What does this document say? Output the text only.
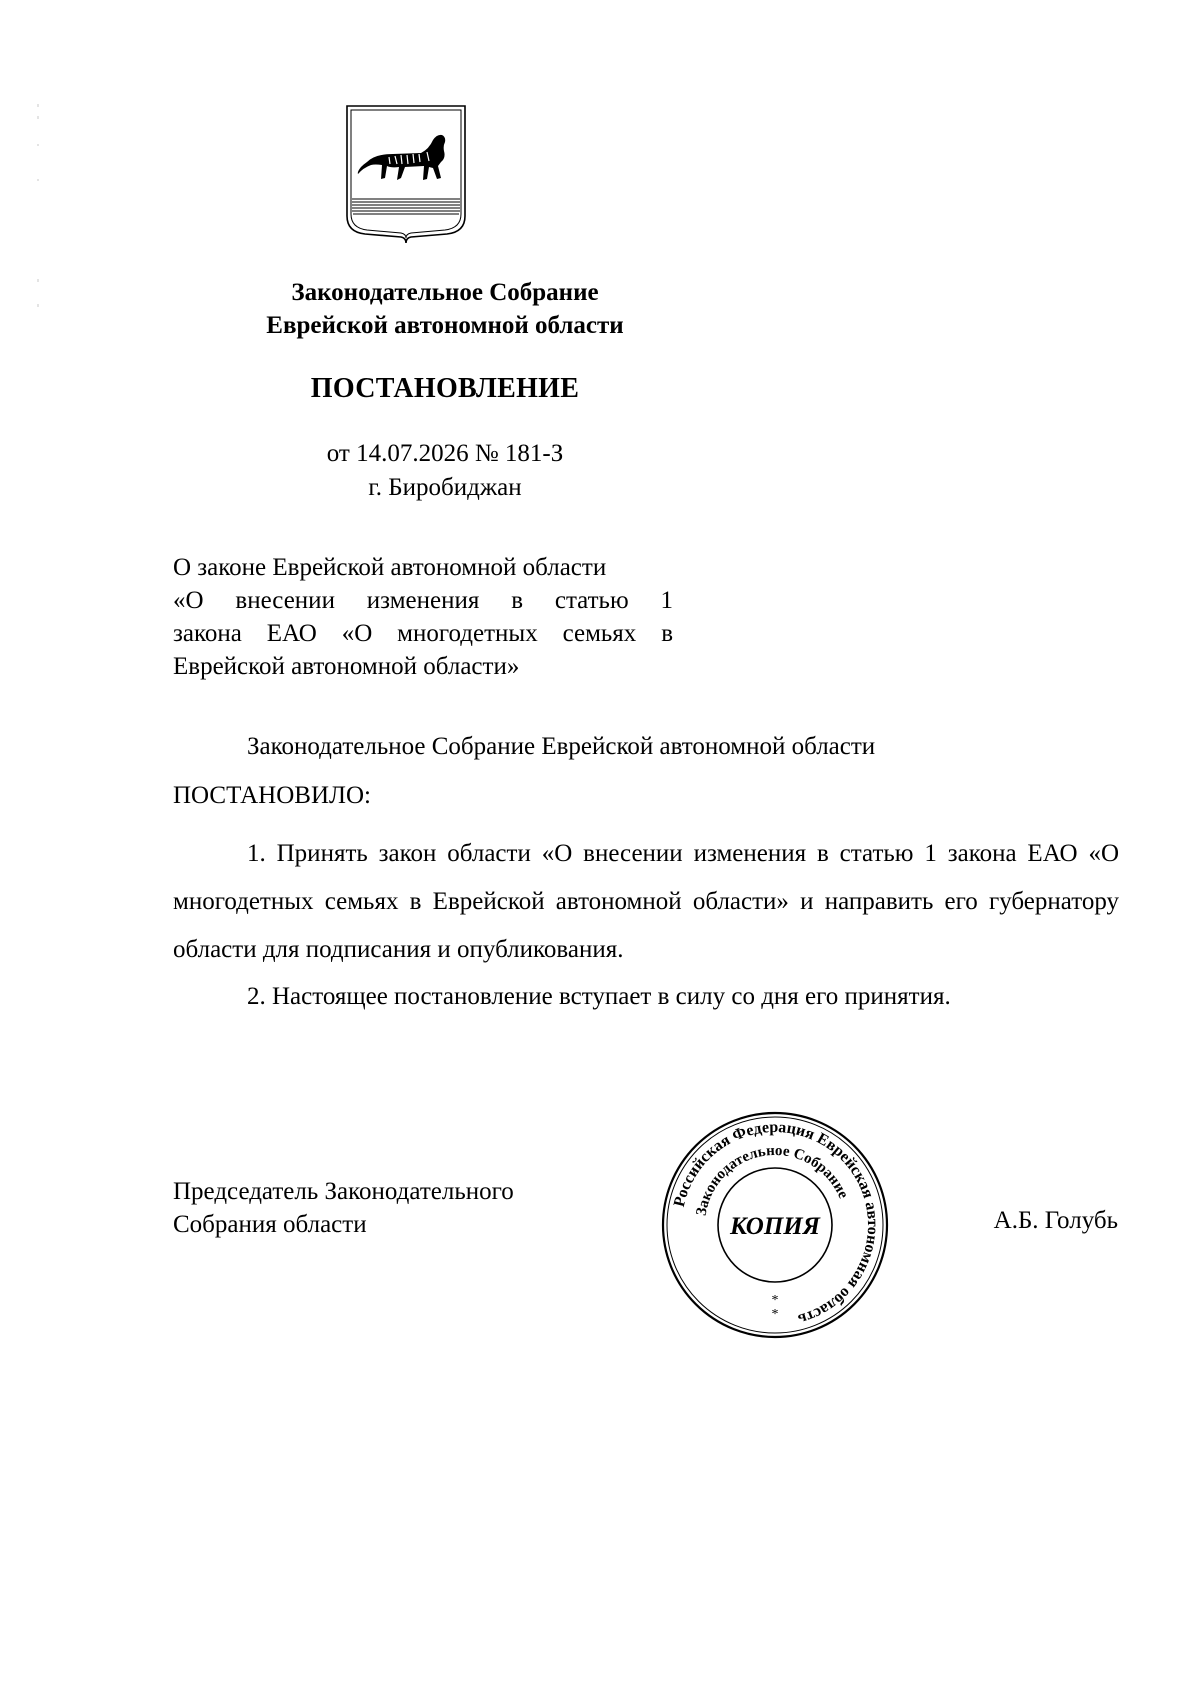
Законодательное Собрание
Еврейской автономной области
ПОСТАНОВЛЕНИЕ
от 14.07.2026 № 181-З
г. Биробиджан
О законе Еврейской автономной области
«О внесении изменения в статью 1
закона ЕАО «О многодетных семьях в
Еврейской автономной области»
Законодательное Собрание Еврейской автономной области
ПОСТАНОВИЛО:
1. Принять закон области «О внесении изменения в статью 1 закона ЕАО «О многодетных семьях в Еврейской автономной области» и направить его губернатору области для подписания и опубликования.
2. Настоящее постановление вступает в силу со дня его принятия.
Председатель Законодательного
Собрания области	А.Б. Голубь
Российская Федерация Еврейская автономная область
Законодательное Собрание
КОПИЯ
*
*
